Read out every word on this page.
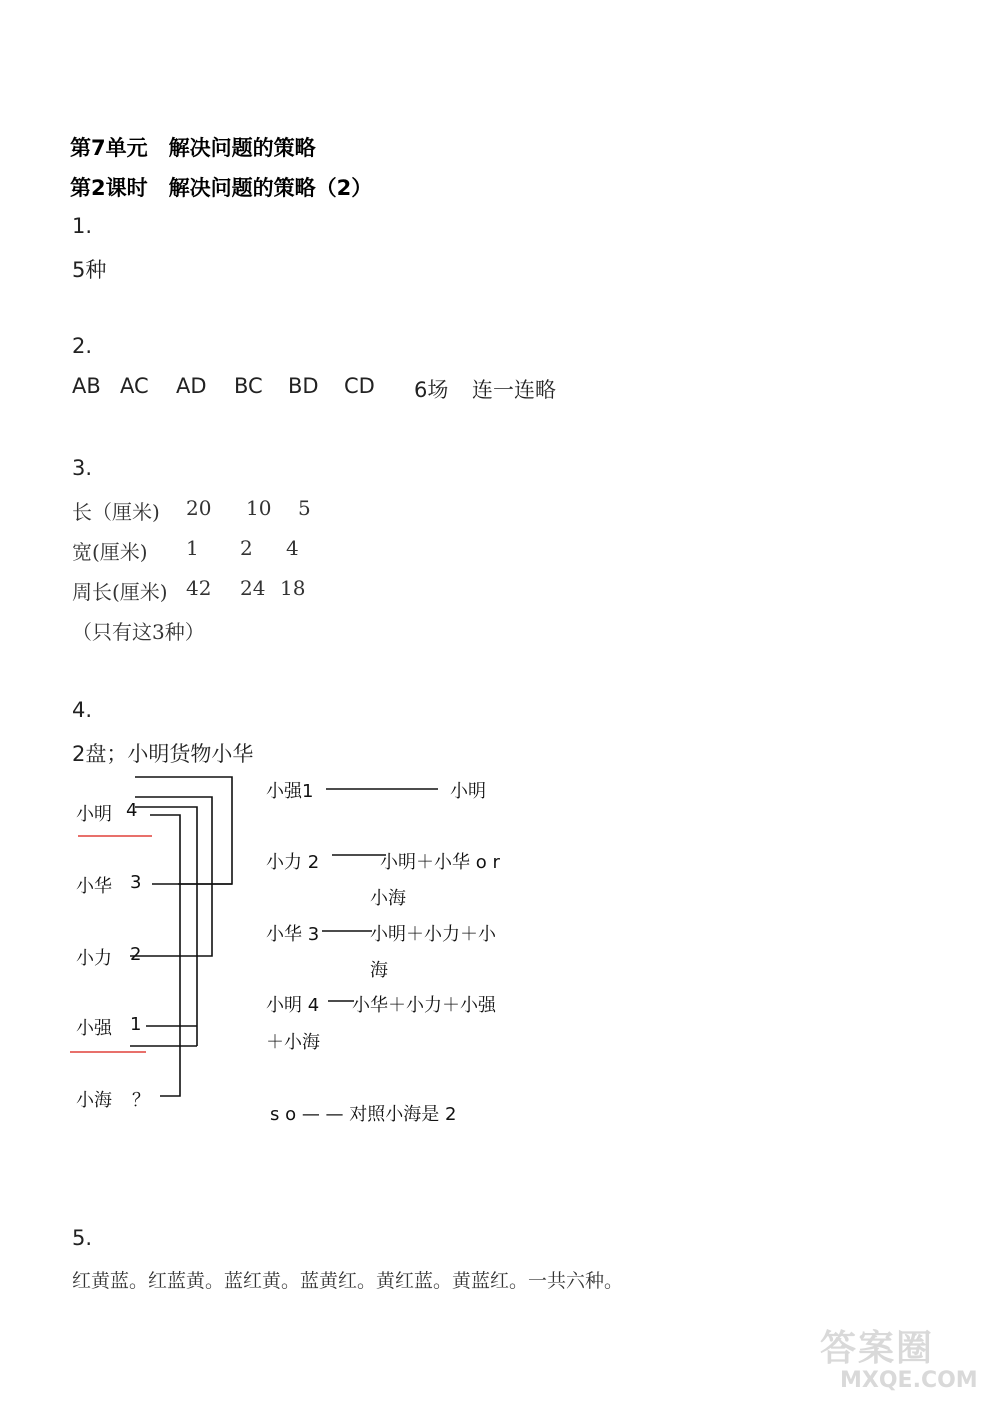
第7单元　解决问题的策略
第2课时　解决问题的策略（2）
1.
5种
2.
AB AC AD BC BD CD 6场 连一连略
3.
长（厘米) 20 10 5
宽(厘米) 1 2 4
周长(厘米) 42 24 18
（只有这3种）
4.
2盘；小明货物小华
小明 4
小华 3
小力 2
小强 1
小海 ？
小强1	小明
小力 2	小明＋小华 o r
小海
小华 3	小明＋小力＋小
海
小明 4 小华＋小力＋小强
＋小海
s o — — 对照小海是 2
5.
红黄蓝。红蓝黄。蓝红黄。蓝黄红。黄红蓝。黄蓝红。一共六种。
答案圈
MXQE.COM
